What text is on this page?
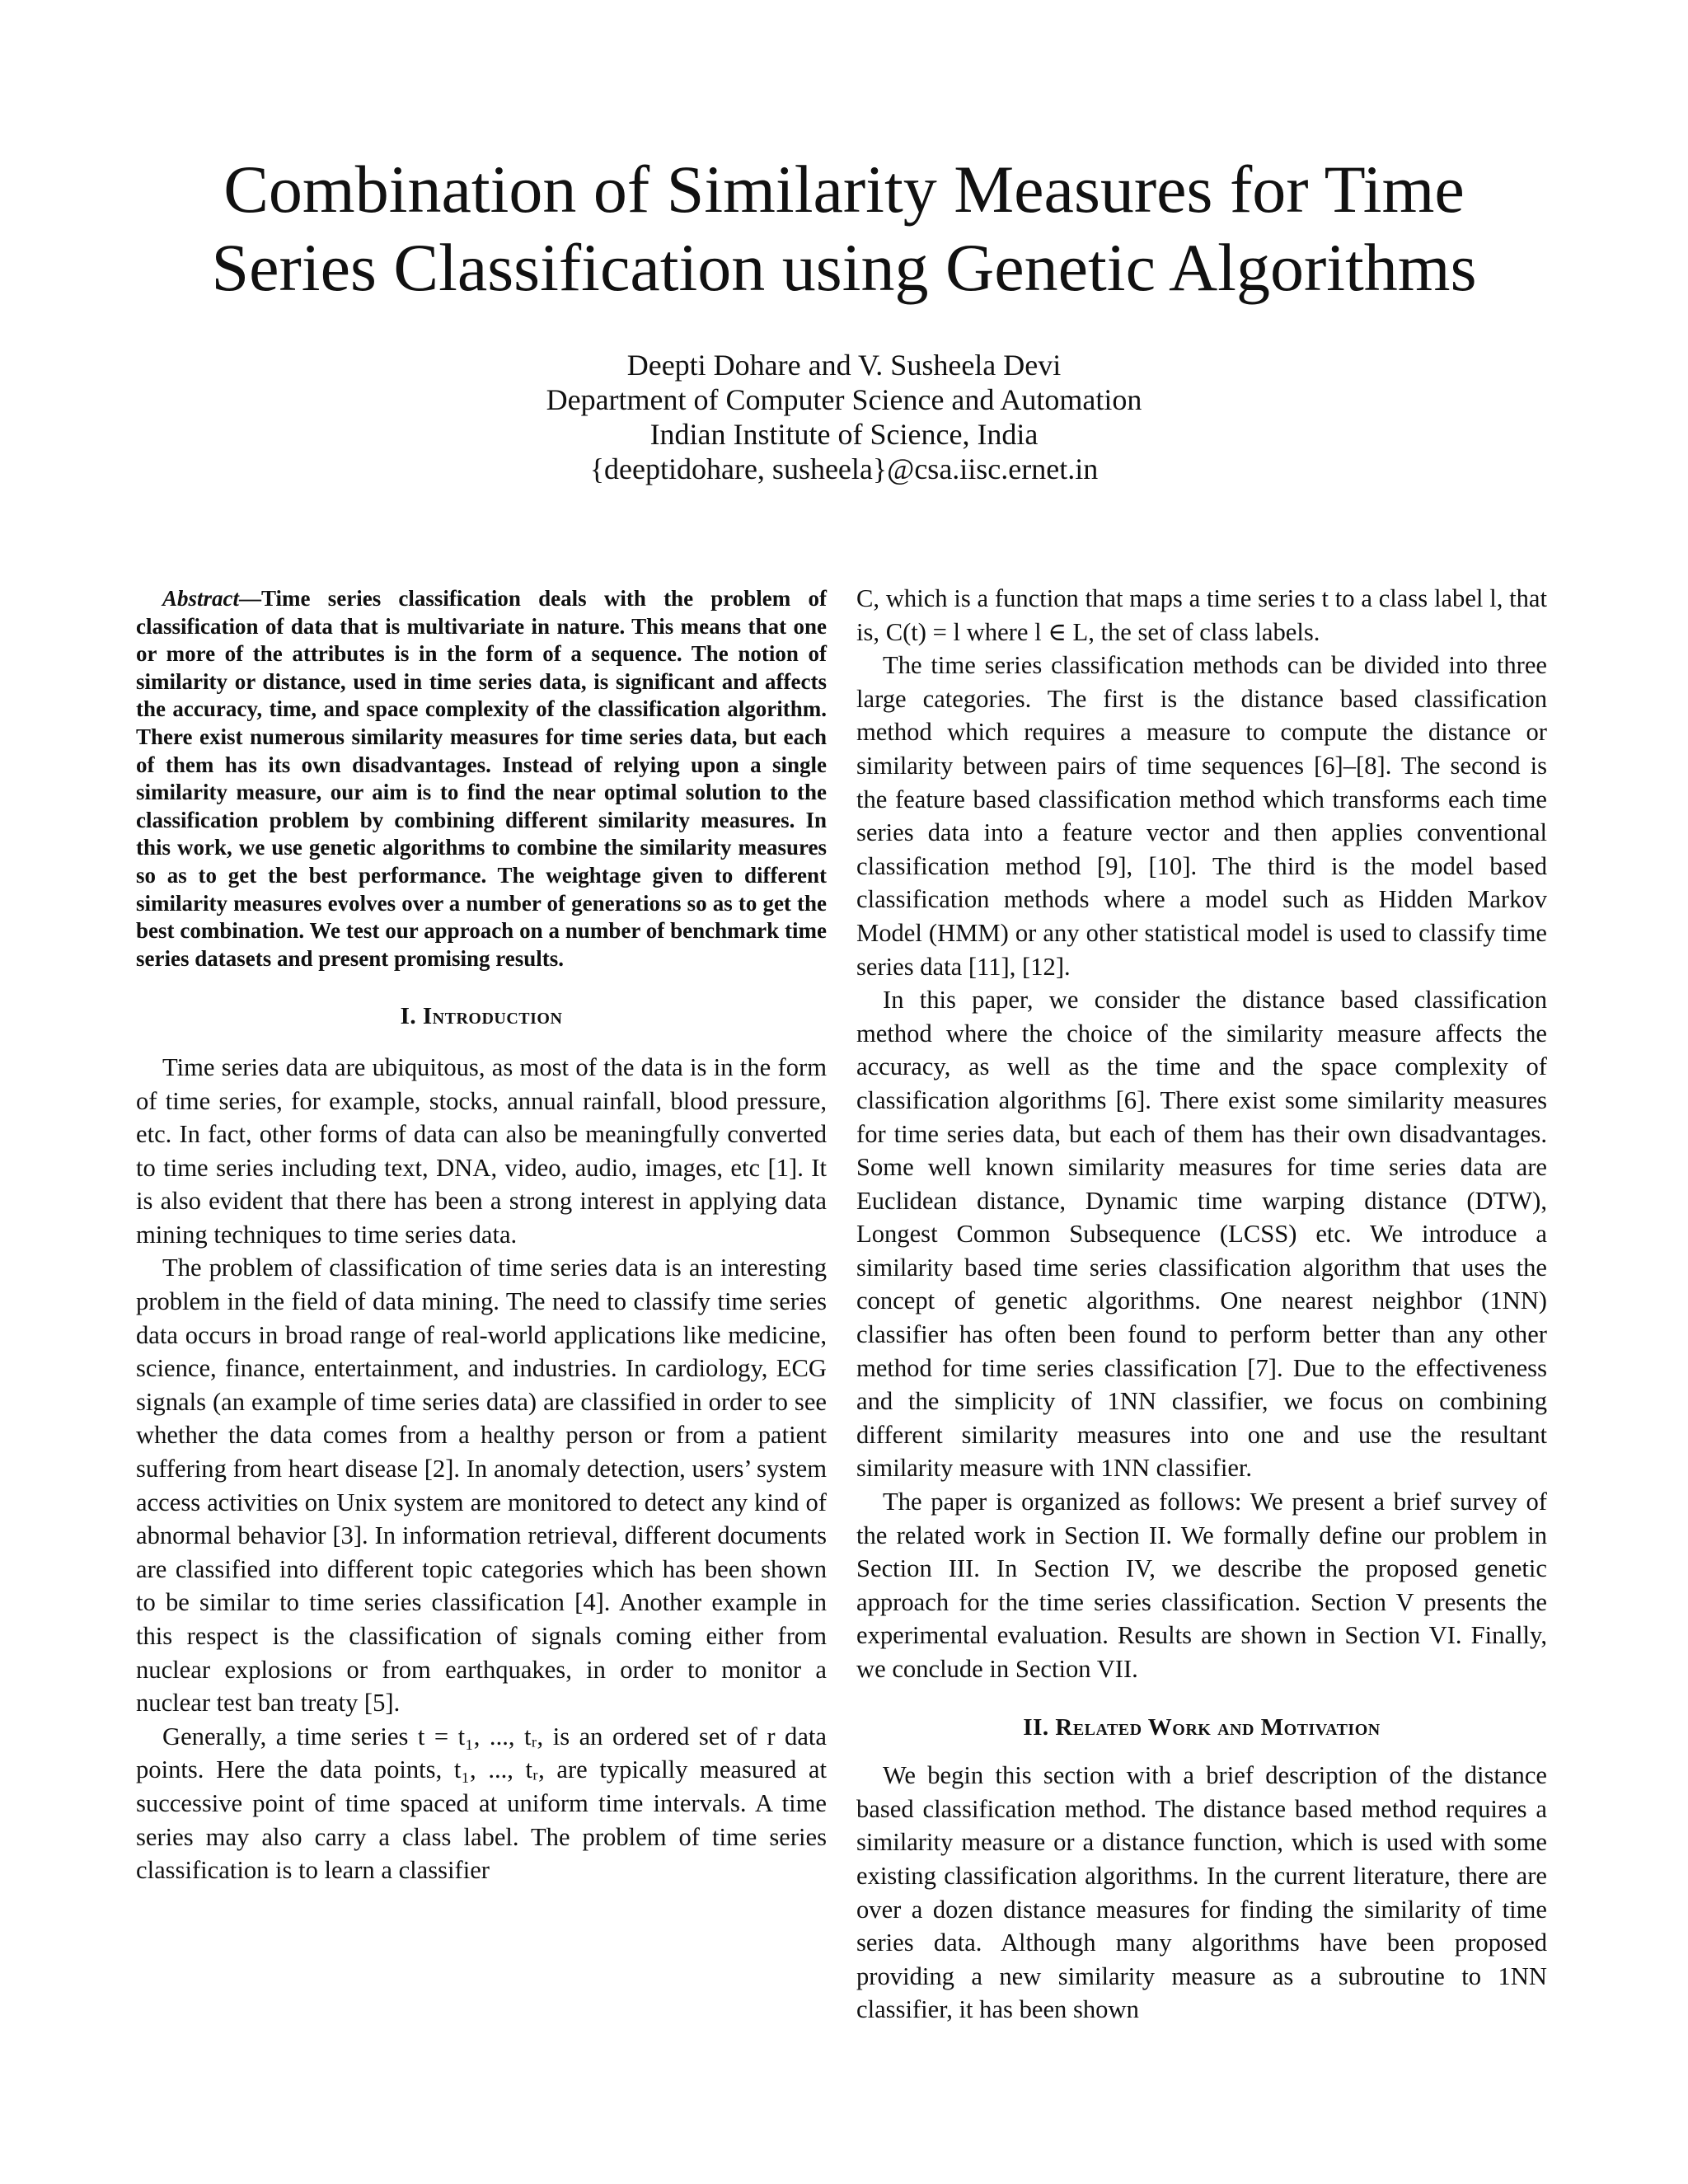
Combination of Similarity Measures for Time Series Classification using Genetic Algorithms
Deepti Dohare and V. Susheela Devi
Department of Computer Science and Automation
Indian Institute of Science, India
{deeptidohare, susheela}@csa.iisc.ernet.in

Abstract—Time series classification deals with the problem of classification of data that is multivariate in nature. This means that one or more of the attributes is in the form of a sequence. The notion of similarity or distance, used in time series data, is significant and affects the accuracy, time, and space complexity of the classification algorithm. There exist numerous similarity measures for time series data, but each of them has its own disadvantages. Instead of relying upon a single similarity measure, our aim is to find the near optimal solution to the classification problem by combining different similarity measures. In this work, we use genetic algorithms to combine the similarity measures so as to get the best performance. The weightage given to different similarity measures evolves over a number of generations so as to get the best combination. We test our approach on a number of benchmark time series datasets and present promising results.

I. Introduction

Time series data are ubiquitous, as most of the data is in the form of time series, for example, stocks, annual rainfall, blood pressure, etc. In fact, other forms of data can also be meaningfully converted to time series including text, DNA, video, audio, images, etc [1]. It is also evident that there has been a strong interest in applying data mining techniques to time series data.

The problem of classification of time series data is an interesting problem in the field of data mining. The need to classify time series data occurs in broad range of real-world applications like medicine, science, finance, entertainment, and industries. In cardiology, ECG signals (an example of time series data) are classified in order to see whether the data comes from a healthy person or from a patient suffering from heart disease [2]. In anomaly detection, users’ system access activities on Unix system are monitored to detect any kind of abnormal behavior [3]. In information retrieval, different documents are classified into different topic categories which has been shown to be similar to time series classification [4]. Another example in this respect is the classification of signals coming either from nuclear explosions or from earthquakes, in order to monitor a nuclear test ban treaty [5].

Generally, a time series t = t₁, ..., tᵣ, is an ordered set of r data points. Here the data points, t₁, ..., tᵣ, are typically measured at successive point of time spaced at uniform time intervals. A time series may also carry a class label. The problem of time series classification is to learn a classifier

C, which is a function that maps a time series t to a class label l, that is, C(t) = l where l ∈ L, the set of class labels.

The time series classification methods can be divided into three large categories. The first is the distance based classification method which requires a measure to compute the distance or similarity between pairs of time sequences [6]–[8]. The second is the feature based classification method which transforms each time series data into a feature vector and then applies conventional classification method [9], [10]. The third is the model based classification methods where a model such as Hidden Markov Model (HMM) or any other statistical model is used to classify time series data [11], [12].

In this paper, we consider the distance based classification method where the choice of the similarity measure affects the accuracy, as well as the time and the space complexity of classification algorithms [6]. There exist some similarity measures for time series data, but each of them has their own disadvantages. Some well known similarity measures for time series data are Euclidean distance, Dynamic time warping distance (DTW), Longest Common Subsequence (LCSS) etc. We introduce a similarity based time series classification algorithm that uses the concept of genetic algorithms. One nearest neighbor (1NN) classifier has often been found to perform better than any other method for time series classification [7]. Due to the effectiveness and the simplicity of 1NN classifier, we focus on combining different similarity measures into one and use the resultant similarity measure with 1NN classifier.

The paper is organized as follows: We present a brief survey of the related work in Section II. We formally define our problem in Section III. In Section IV, we describe the proposed genetic approach for the time series classification. Section V presents the experimental evaluation. Results are shown in Section VI. Finally, we conclude in Section VII.

II. Related Work and Motivation

We begin this section with a brief description of the distance based classification method. The distance based method requires a similarity measure or a distance function, which is used with some existing classification algorithms. In the current literature, there are over a dozen distance measures for finding the similarity of time series data. Although many algorithms have been proposed providing a new similarity measure as a subroutine to 1NN classifier, it has been shown
